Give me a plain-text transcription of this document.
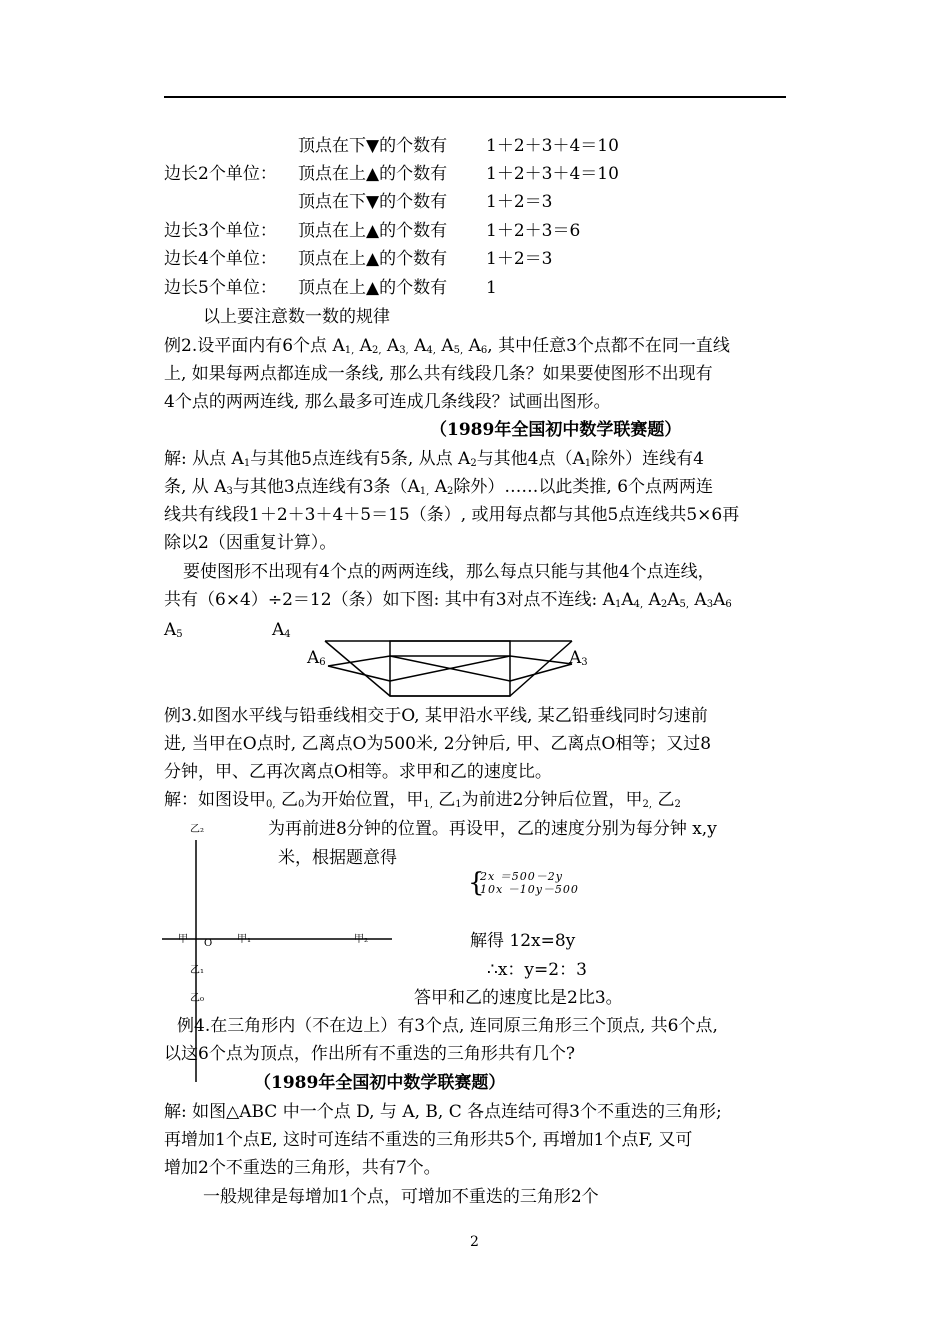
顶点在下▼的个数有 1＋2＋3＋4＝10
边长2个单位： 顶点在上▲的个数有 1＋2＋3＋4＝10
顶点在下▼的个数有 1＋2＝3
边长3个单位： 顶点在上▲的个数有 1＋2＋3＝6
边长4个单位： 顶点在上▲的个数有 1＋2＝3
边长5个单位： 顶点在上▲的个数有 1
以上要注意数一数的规律
例2.设平面内有6个点 $A_{1,}$ $A_{2,}$ $A_{3,}$ $A_{4,}$ $A_{5,}$ $A_6$, 其中任意3个点都不在同一直线
上, 如果每两点都连成一条线, 那么共有线段几条？如果要使图形不出现有
4个点的两两连线, 那么最多可连成几条线段？试画出图形。
（1989年全国初中数学联赛题）
解: 从点 $A_1$与其他5点连线有5条, 从点 $A_2$与其他4点（$A_1$除外）连线有4
条, 从 $A_3$与其他3点连线有3条（$A_{1,}$ $A_2$除外）……以此类推, 6个点两两连
线共有线段1＋2＋3＋4＋5＝15（条）, 或用每点都与其他5点连线共5×6再
除以2（因重复计算）。
要使图形不出现有4个点的两两连线，那么每点只能与其他4个点连线，
共有（6×4）÷2＝12（条）如下图: 其中有3对点不连线: $A_1A_{4,}$ $A_2A_{5,}$ $A_3A_6$
$A_5$	$A_4$
$A_6$	$A_3$
例3.如图水平线与铅垂线相交于O, 某甲沿水平线, 某乙铅垂线同时匀速前
进, 当甲在O点时, 乙离点O为500米, 2分钟后, 甲、乙离点O相等；又过8
分钟，甲、乙再次离点O相等。求甲和乙的速度比。
解：如图设甲$_{0,}$ 乙$_0$为开始位置，甲$_{1,}$ 乙$_1$为前进2分钟后位置，甲$_{2,}$ 乙$_2$
为再前进8分钟的位置。再设甲，乙的速度分别为每分钟 x,y
米，根据题意得
{
2x ＝500－2y
10x －10y－500
解得 12x=8y
∴x：y=2：3
答甲和乙的速度比是2比3。
乙₂
甲 O 甲₁	甲₂
乙₁
乙₀
例4.在三角形内（不在边上）有3个点, 连同原三角形三个顶点, 共6个点,
以这6个点为顶点，作出所有不重迭的三角形共有几个?
（1989年全国初中数学联赛题）
解: 如图△ABC 中一个点 D, 与 A, B, C 各点连结可得3个不重迭的三角形;
再增加1个点E, 这时可连结不重迭的三角形共5个, 再增加1个点F, 又可
增加2个不重迭的三角形，共有7个。
一般规律是每增加1个点，可增加不重迭的三角形2个
2
